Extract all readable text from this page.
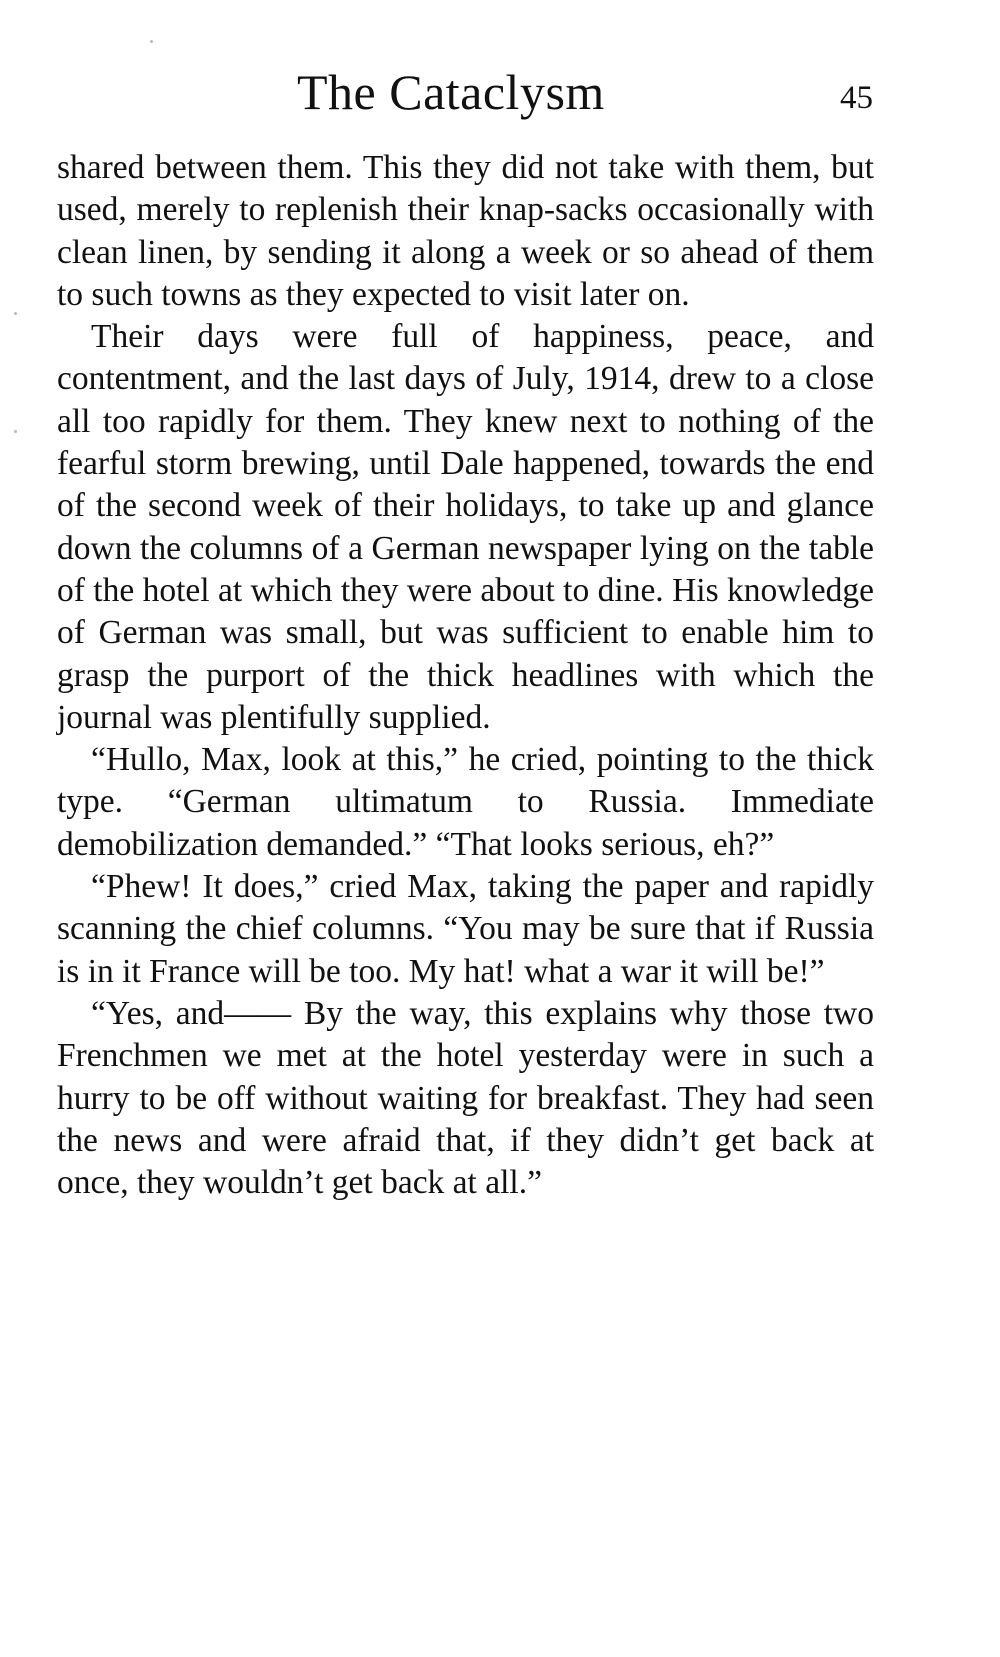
The Cataclysm	45

shared between them. This they did not take with them, but used, merely to replenish their knap-sacks occasionally with clean linen, by sending it along a week or so ahead of them to such towns as they expected to visit later on.

Their days were full of happiness, peace, and contentment, and the last days of July, 1914, drew to a close all too rapidly for them. They knew next to nothing of the fearful storm brewing, until Dale happened, towards the end of the second week of their holidays, to take up and glance down the columns of a German newspaper lying on the table of the hotel at which they were about to dine. His knowledge of German was small, but was sufficient to enable him to grasp the purport of the thick headlines with which the journal was plentifully supplied.

“Hullo, Max, look at this,” he cried, pointing to the thick type. “German ultimatum to Russia. Immediate demobilization demanded.” “That looks serious, eh?”

“Phew! It does,” cried Max, taking the paper and rapidly scanning the chief columns. “You may be sure that if Russia is in it France will be too. My hat! what a war it will be!”

“Yes, and—— By the way, this explains why those two Frenchmen we met at the hotel yesterday were in such a hurry to be off without waiting for breakfast. They had seen the news and were afraid that, if they didn’t get back at once, they wouldn’t get back at all.”
